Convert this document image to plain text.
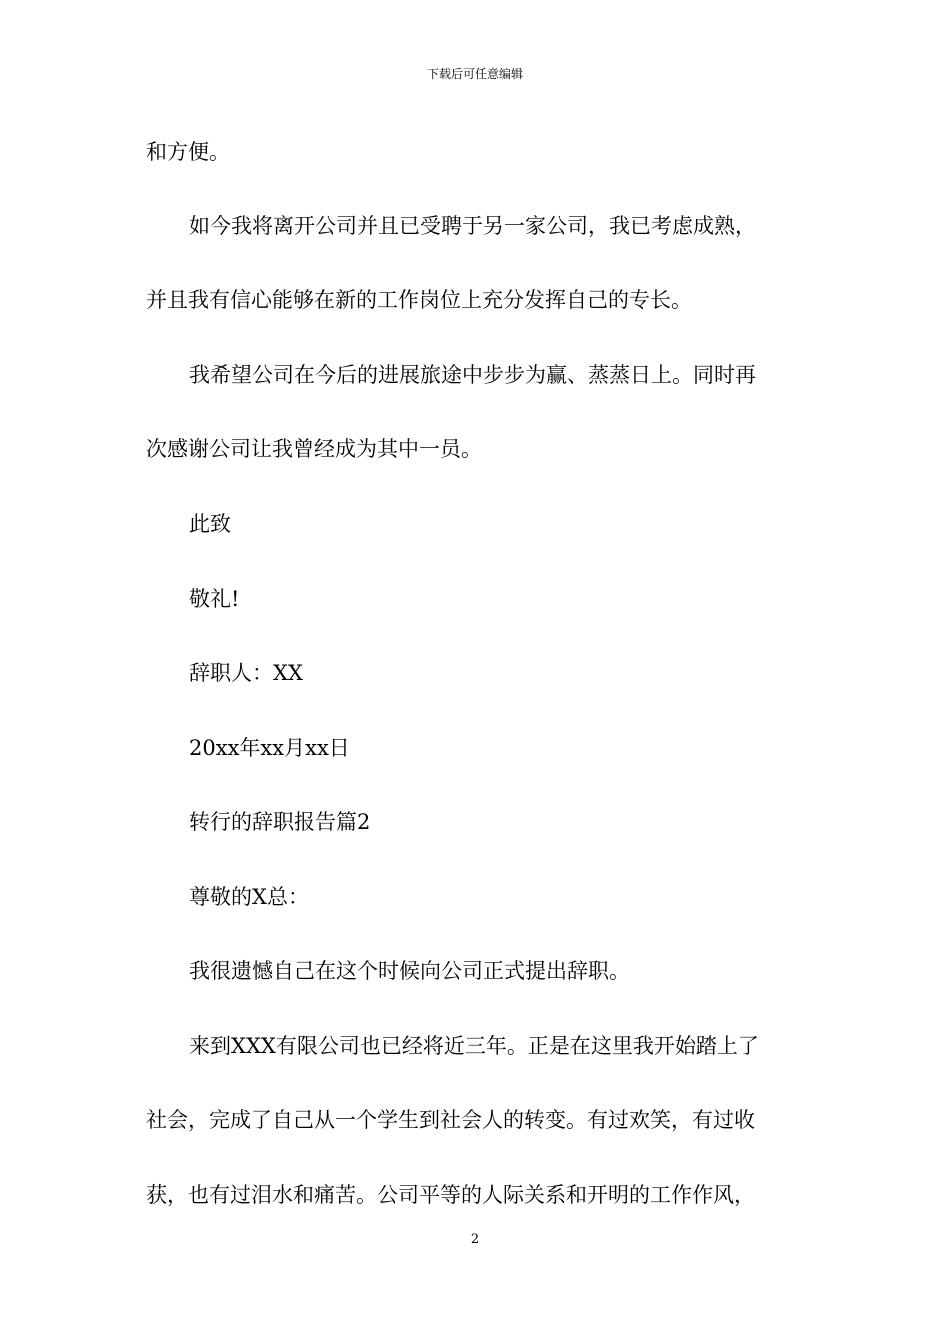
下载后可任意编辑
和方便。
如今我将离开公司并且已受聘于另一家公司，我已考虑成熟，
并且我有信心能够在新的工作岗位上充分发挥自己的专长。
我希望公司在今后的进展旅途中步步为赢、蒸蒸日上。同时再
次感谢公司让我曾经成为其中一员。
此致
敬礼!
辞职人：XX
20xx年xx月xx日
转行的辞职报告篇2
尊敬的X总：
我很遗憾自己在这个时候向公司正式提出辞职。
来到XXX有限公司也已经将近三年。正是在这里我开始踏上了
社会，完成了自己从一个学生到社会人的转变。有过欢笑，有过收
获，也有过泪水和痛苦。公司平等的人际关系和开明的工作作风，
2
